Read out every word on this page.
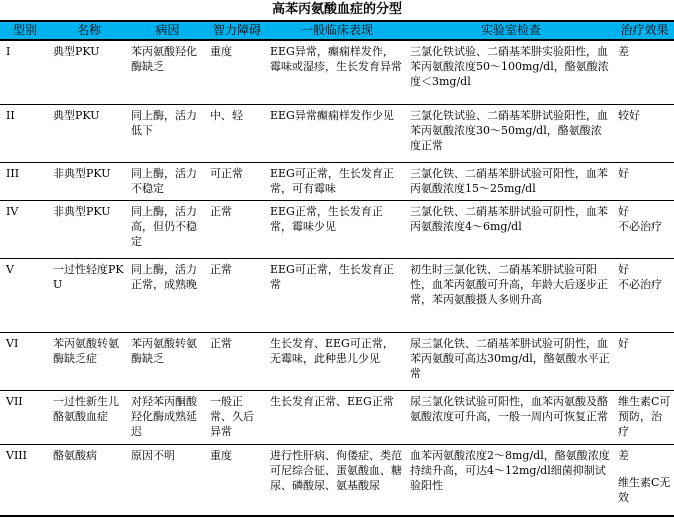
高苯丙氨酸血症的分型
型别	名称	病因	智力障碍	一般临床表现	实验室检查	治疗效果
I	典型PKU	苯丙氨酸羟化酶缺乏	重度	EEG异常，癫痫样发作，霉味或湿疹，生长发育异常	三氯化铁试验、二硝基苯肼实验阳性，血苯丙氨酸浓度50～100mg/dl，酪氨酸浓度＜3mg/dl	差

II	典型PKU	同上酶，活力低下	中、轻	EEG异常癫痫样发作少见	三氯化铁试验、二硝基苯肼试验阳性，血苯丙氨酸浓度30～50mg/dl，酪氨酸浓度正常	较好

III	非典型PKU	同上酶，活力不稳定	可正常	EEG可正常，生长发育正常，可有霉味	三氯化铁、二硝基苯肼试验可阳性，血苯丙氨酸浓度15～25mg/dl	好

IV	非典型PKU	同上酶，活力高，但仍不稳定	正常	EEG正常，生长发育正常，霉味少见	三氯化铁、二硝基苯肼试验可阴性，血苯丙氨酸浓度4～6mg/dl	好
不必治疗

V	一过性轻度PKU	同上酶，活力正常，成熟晚	正常	EEG可正常，生长发育正常	初生时三氯化铁、二硝基苯肼试验可阳性，血苯丙氨酸可升高，年龄大后逐步正常，苯丙氨酸摄人多则升高	好
不必治疗

VI	苯丙氨酸转氨酶缺乏症	苯丙氨酸转氨酶缺乏	正常	生长发育、EEG可正常，无霉味，此种患儿少见	尿三氯化铁、二硝基苯肼试验可阴性，血苯丙氨酸可高达30mg/dl，酪氨酸水平正常	好

VII	一过性新生儿酪氨酸血症	对羟苯丙酮酸羟化酶成熟延迟	一般正常、久后异常	生长发育正常、EEG正常	尿三氯化铁试验可阳性，血苯丙氨酸及酪氨酸浓度可升高，一般一周内可恢复正常	维生素C可预防，治疗

VIII	酪氨酸病	原因不明	重度	进行性肝病、佝偻症、类范可尼综合征、蛋氨酸血、糖尿、磷酸尿、氨基酸尿	血苯丙氨酸浓度2～8mg/dl，酪氨酸浓度持续升高，可达4～12mg/dl细菌抑制试验阳性	差
维生素C无效
